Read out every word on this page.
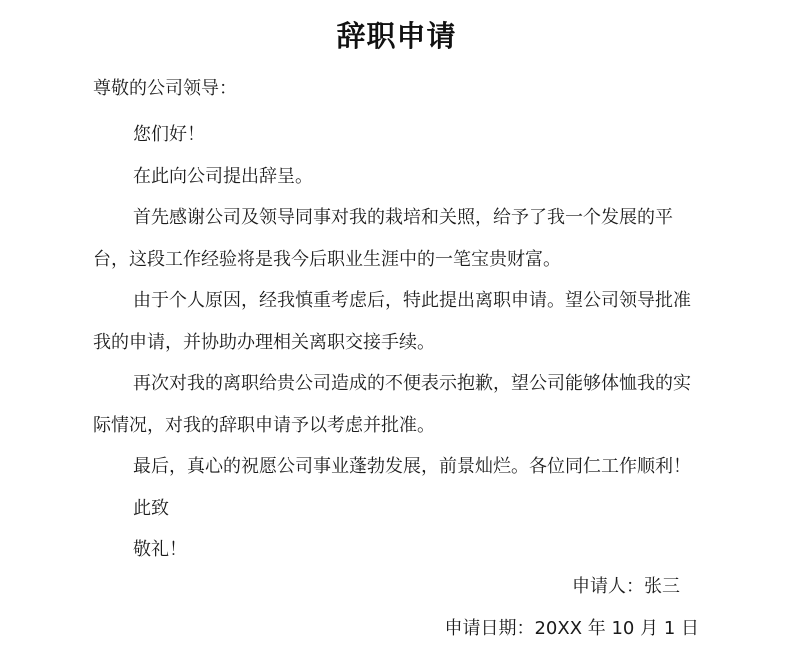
辞职申请
尊敬的公司领导：

您们好！

在此向公司提出辞呈。

首先感谢公司及领导同事对我的栽培和关照，给予了我一个发展的平台，这段工作经验将是我今后职业生涯中的一笔宝贵财富。

由于个人原因，经我慎重考虑后，特此提出离职申请。望公司领导批准我的申请，并协助办理相关离职交接手续。

再次对我的离职给贵公司造成的不便表示抱歉，望公司能够体恤我的实际情况，对我的辞职申请予以考虑并批准。

最后，真心的祝愿公司事业蓬勃发展，前景灿烂。各位同仁工作顺利！

此致

敬礼！

申请人：张三
申请日期：20XX 年 10 月 1 日
